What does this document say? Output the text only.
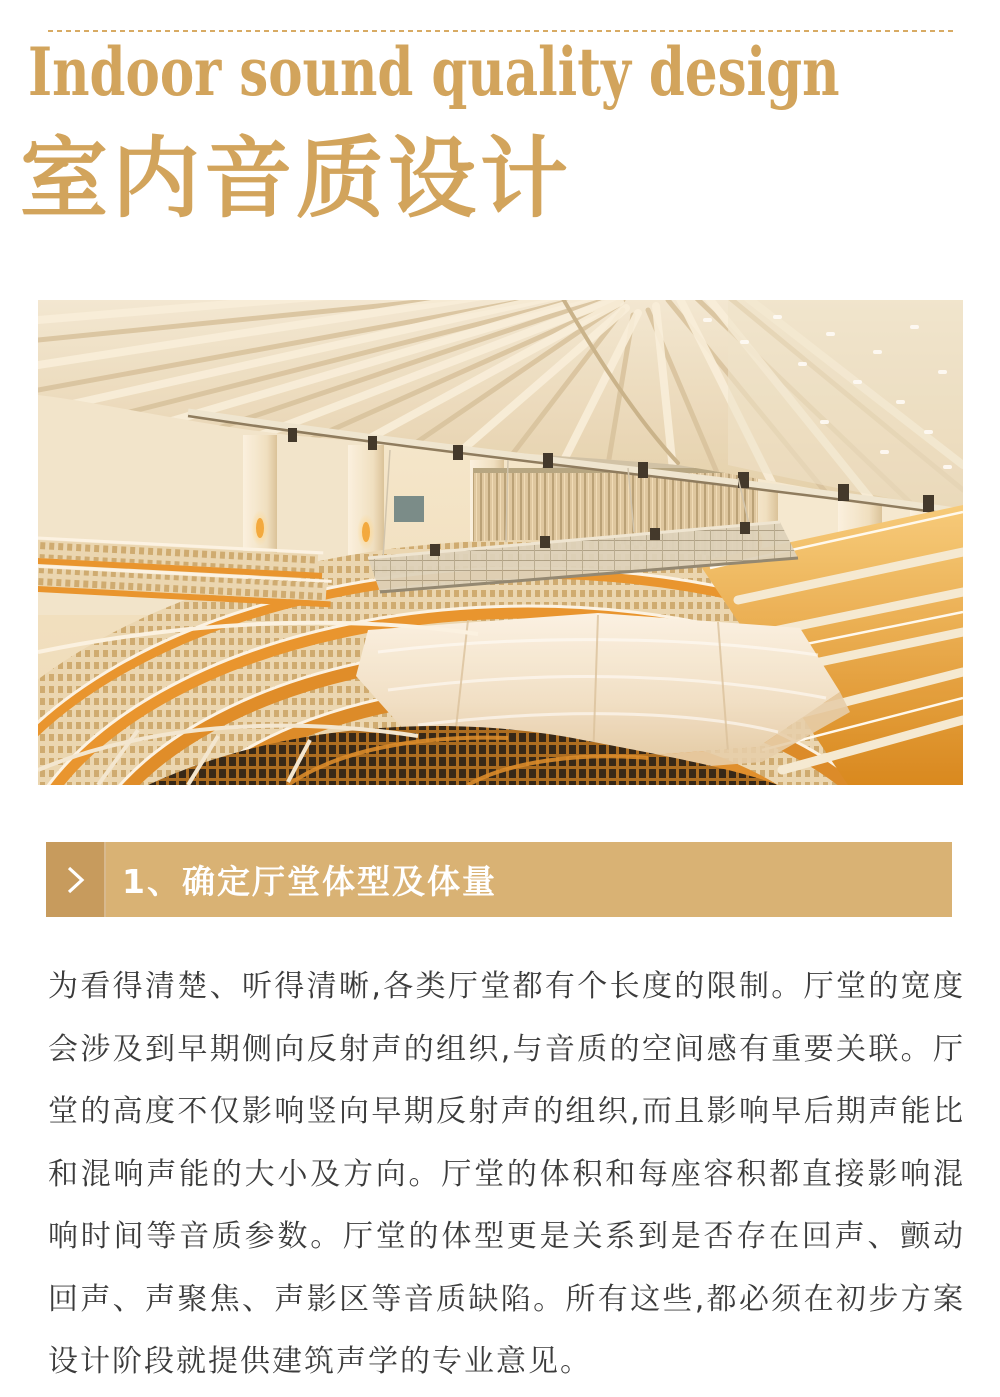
Indoor sound quality design
室内音质设计
1、确定厅堂体型及体量

为看得清楚、听得清晰,各类厅堂都有个长度的限制。厅堂的宽度会涉及到早期侧向反射声的组织,与音质的空间感有重要关联。厅堂的高度不仅影响竖向早期反射声的组织,而且影响早后期声能比和混响声能的大小及方向。厅堂的体积和每座容积都直接影响混响时间等音质参数。厅堂的体型更是关系到是否存在回声、颤动回声、声聚焦、声影区等音质缺陷。所有这些,都必须在初步方案设计阶段就提供建筑声学的专业意见。
